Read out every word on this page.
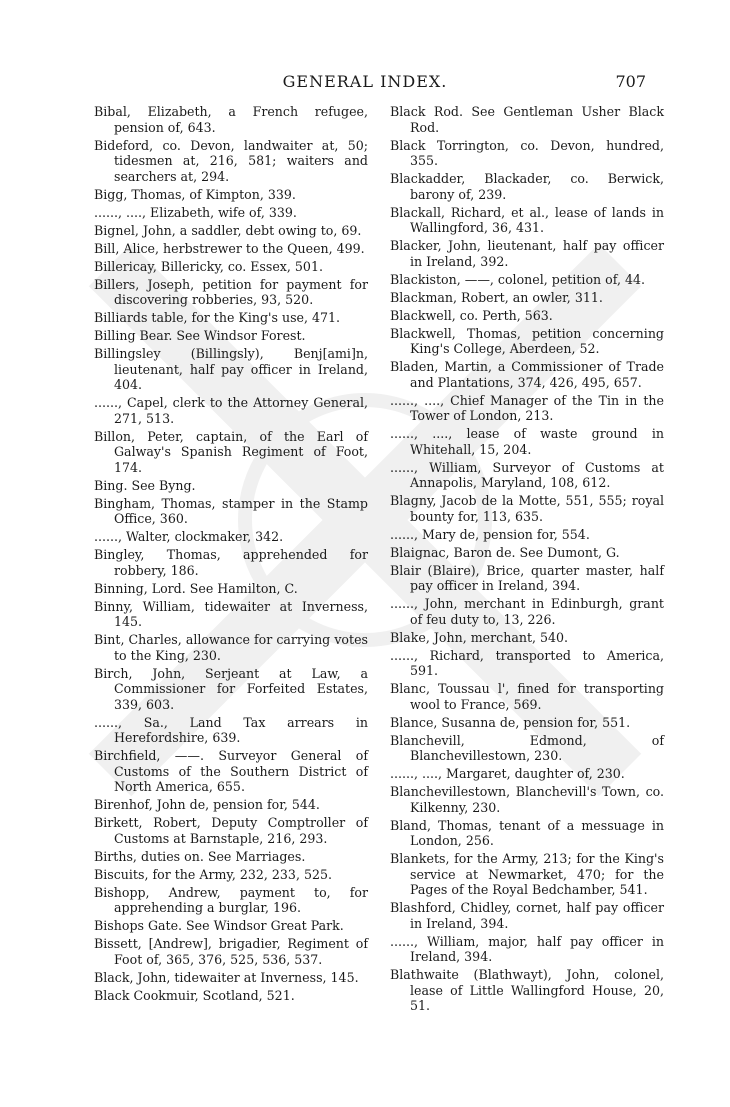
GENERAL INDEX.	707

Bibal, Elizabeth, a French refugee, pension of, 643.

Bideford, co. Devon, landwaiter at, 50; tidesmen at, 216, 581; waiters and searchers at, 294.

Bigg, Thomas, of Kimpton, 339.

......, ...., Elizabeth, wife of, 339.

Bignel, John, a saddler, debt owing to, 69.

Bill, Alice, herbstrewer to the Queen, 499.

Billericay, Billericky, co. Essex, 501.

Billers, Joseph, petition for payment for discovering robberies, 93, 520.

Billiards table, for the King's use, 471.

Billing Bear. See Windsor Forest.

Billingsley (Billingsly), Benj[ami]n, lieutenant, half pay officer in Ireland, 404.

......, Capel, clerk to the Attorney General, 271, 513.

Billon, Peter, captain, of the Earl of Galway's Spanish Regiment of Foot, 174.

Bing. See Byng.

Bingham, Thomas, stamper in the Stamp Office, 360.

......, Walter, clockmaker, 342.

Bingley, Thomas, apprehended for robbery, 186.

Binning, Lord. See Hamilton, C.

Binny, William, tidewaiter at Inverness, 145.

Bint, Charles, allowance for carrying votes to the King, 230.

Birch, John, Serjeant at Law, a Commissioner for Forfeited Estates, 339, 603.

......, Sa., Land Tax arrears in Herefordshire, 639.

Birchfield, ——. Surveyor General of Customs of the Southern District of North America, 655.

Birenhof, John de, pension for, 544.

Birkett, Robert, Deputy Comptroller of Customs at Barnstaple, 216, 293.

Births, duties on. See Marriages.

Biscuits, for the Army, 232, 233, 525.

Bishopp, Andrew, payment to, for apprehending a burglar, 196.

Bishops Gate. See Windsor Great Park.

Bissett, [Andrew], brigadier, Regiment of Foot of, 365, 376, 525, 536, 537.

Black, John, tidewaiter at Inverness, 145.

Black Cookmuir, Scotland, 521.

Black Rod. See Gentleman Usher Black Rod.

Black Torrington, co. Devon, hundred, 355.

Blackadder, Blackader, co. Berwick, barony of, 239.

Blackall, Richard, et al., lease of lands in Wallingford, 36, 431.

Blacker, John, lieutenant, half pay officer in Ireland, 392.

Blackiston, ——, colonel, petition of, 44.

Blackman, Robert, an owler, 311.

Blackwell, co. Perth, 563.

Blackwell, Thomas, petition concerning King's College, Aberdeen, 52.

Bladen, Martin, a Commissioner of Trade and Plantations, 374, 426, 495, 657.

......, ...., Chief Manager of the Tin in the Tower of London, 213.

......, ...., lease of waste ground in Whitehall, 15, 204.

......, William, Surveyor of Customs at Annapolis, Maryland, 108, 612.

Blagny, Jacob de la Motte, 551, 555; royal bounty for, 113, 635.

......, Mary de, pension for, 554.

Blaignac, Baron de. See Dumont, G.

Blair (Blaire), Brice, quarter master, half pay officer in Ireland, 394.

......, John, merchant in Edinburgh, grant of feu duty to, 13, 226.

Blake, John, merchant, 540.

......, Richard, transported to America, 591.

Blanc, Toussau l', fined for transporting wool to France, 569.

Blance, Susanna de, pension for, 551.

Blanchevill, Edmond, of Blanchevillestown, 230.

......, ...., Margaret, daughter of, 230.

Blanchevillestown, Blanchevill's Town, co. Kilkenny, 230.

Bland, Thomas, tenant of a messuage in London, 256.

Blankets, for the Army, 213; for the King's service at Newmarket, 470; for the Pages of the Royal Bedchamber, 541.

Blashford, Chidley, cornet, half pay officer in Ireland, 394.

......, William, major, half pay officer in Ireland, 394.

Blathwaite (Blathwayt), John, colonel, lease of Little Wallingford House, 20, 51.
